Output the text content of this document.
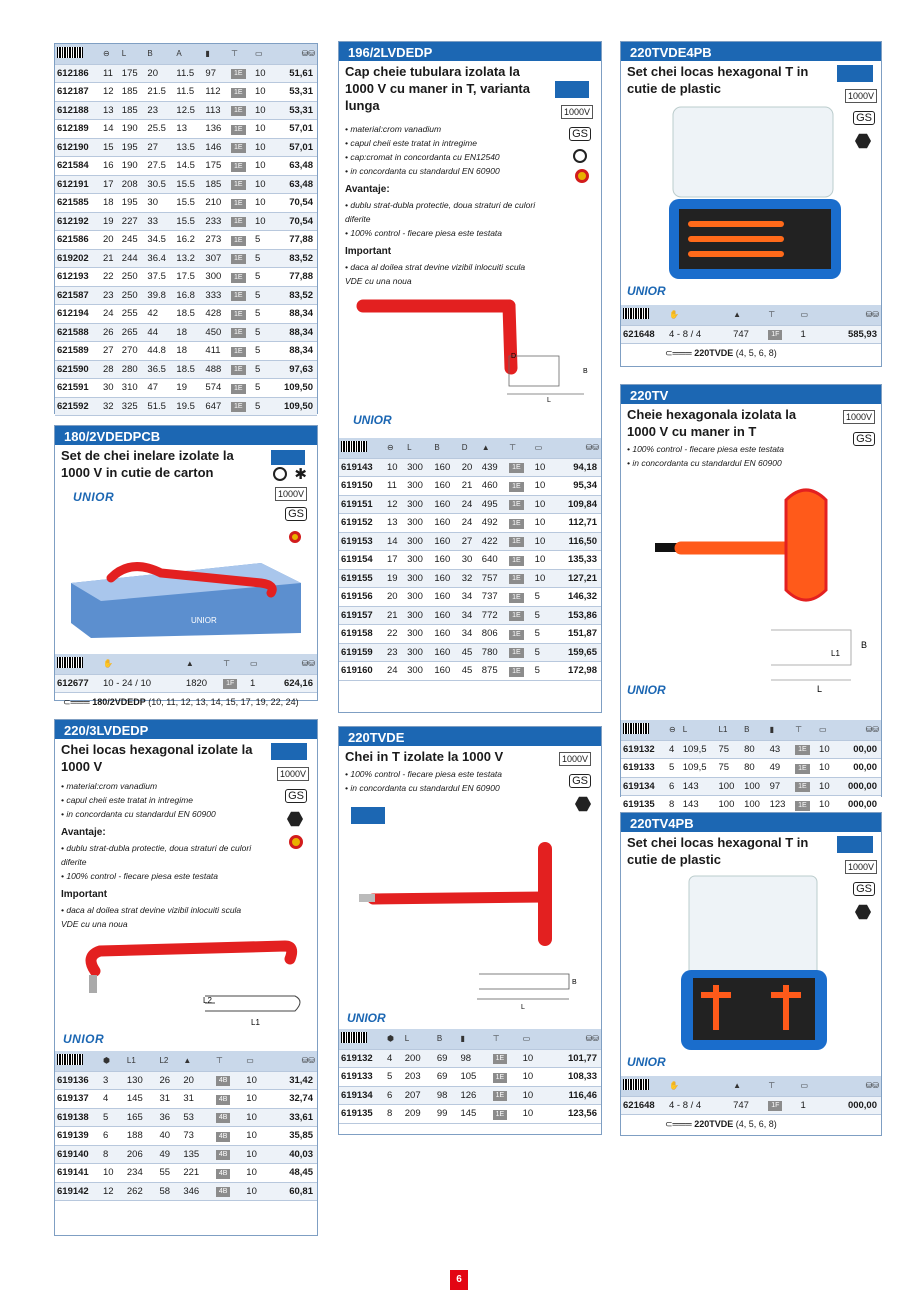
	⊖	L	B	A	▮	⊤	▭	⛁⛁
612186	11	175	20	11.5	97	1E	10	51,61
612187	12	185	21.5	11.5	112	1E	10	53,31
612188	13	185	23	12.5	113	1E	10	53,31
612189	14	190	25.5	13	136	1E	10	57,01
612190	15	195	27	13.5	146	1E	10	57,01
621584	16	190	27.5	14.5	175	1E	10	63,48
612191	17	208	30.5	15.5	185	1E	10	63,48
621585	18	195	30	15.5	210	1E	10	70,54
612192	19	227	33	15.5	233	1E	10	70,54
621586	20	245	34.5	16.2	273	1E	5	77,88
619202	21	244	36.4	13.2	307	1E	5	83,52
612193	22	250	37.5	17.5	300	1E	5	77,88
621587	23	250	39.8	16.8	333	1E	5	83,52
612194	24	255	42	18.5	428	1E	5	88,34
621588	26	265	44	18	450	1E	5	88,34
621589	27	270	44.8	18	411	1E	5	88,34
621590	28	280	36.5	18.5	488	1E	5	97,63
621591	30	310	47	19	574	1E	5	109,50
621592	32	325	51.5	19.5	647	1E	5	109,50
180/2VDEDPCB
Set de chei inelare izolate la 1000 V in cutie de carton	✱
1000V
GS
UNIOR
UNIOR
	✋		▲	⊤	▭	⛁⛁
612677	10 - 24 / 10		1820	1F	1	624,16
⊂═══ 180/2VDEDP (10, 11, 12, 13, 14, 15, 17, 19, 22, 24)
220/3LVDEDP
Chei locas hexagonal izolate la 1000 V	1000V
GS
• material:crom vanadium
• capul cheii este tratat in intregime
• in concordanta cu standardul EN 60900
Avantaje:
• dublu strat-dubla protectie, doua straturi de culori diferite
• 100% control - fiecare piesa este testata
Important
• daca al doilea strat devine vizibil inlocuiti scula VDE cu una noua
L2
L1
UNIOR
	⬢	L1	L2	▲	⊤	▭	⛁⛁
619136	3	130	26	20	4B	10	31,42
619137	4	145	31	31	4B	10	32,74
619138	5	165	36	53	4B	10	33,61
619139	6	188	40	73	4B	10	35,85
619140	8	206	49	135	4B	10	40,03
619141	10	234	55	221	4B	10	48,45
619142	12	262	58	346	4B	10	60,81
196/2LVDEDP
Cap cheie tubulara izolata la 1000 V cu maner in T, varianta lunga	1000V
GS
• material:crom vanadium
• capul cheii este tratat in intregime
• cap:cromat in concordanta cu EN12540
• in concordanta cu standardul EN 60900
Avantaje:
• dublu strat-dubla protectie, doua straturi de culori diferite
• 100% control - fiecare piesa este testata
Important
• daca al doilea strat devine vizibil inlocuiti scula VDE cu una noua
D
B
L
UNIOR
	⊖	L	B	D	▲	⊤	▭	⛁⛁
619143	10	300	160	20	439	1E	10	94,18
619150	11	300	160	21	460	1E	10	95,34
619151	12	300	160	24	495	1E	10	109,84
619152	13	300	160	24	492	1E	10	112,71
619153	14	300	160	27	422	1E	10	116,50
619154	17	300	160	30	640	1E	10	135,33
619155	19	300	160	32	757	1E	10	127,21
619156	20	300	160	34	737	1E	5	146,32
619157	21	300	160	34	772	1E	5	153,86
619158	22	300	160	34	806	1E	5	151,87
619159	23	300	160	45	780	1E	5	159,65
619160	24	300	160	45	875	1E	5	172,98
220TVDE
Chei in T izolate la 1000 V	1000V
GS
• 100% control - fiecare piesa este testata
• in concordanta cu standardul EN 60900
B
L
UNIOR
	⬢	L	B	▮	⊤	▭	⛁⛁
619132	4	200	69	98	1E	10	101,77
619133	5	203	69	105	1E	10	108,33
619134	6	207	98	126	1E	10	116,46
619135	8	209	99	145	1E	10	123,56
220TVDE4PB
Set chei locas hexagonal T in cutie de plastic	1000V
GS
UNIOR
	✋	▲	⊤	▭	⛁⛁
621648	4 - 8 / 4	747	1F	1	585,93
⊂═══ 220TVDE (4, 5, 6, 8)
220TV
Cheie hexagonala izolata la 1000 V cu maner in T
1000V
GS
• 100% control - fiecare piesa este testata
• in concordanta cu standardul EN 60900
B
L1
L
UNIOR
	⊖	L	L1	B	▮	⊤	▭	⛁⛁
619132	4	109,5	75	80	43	1E	10	00,00
619133	5	109,5	75	80	49	1E	10	00,00
619134	6	143	100	100	97	1E	10	000,00
619135	8	143	100	100	123	1E	10	000,00
220TV4PB
Set chei locas hexagonal T in cutie de plastic	1000V
GS
UNIOR
	✋	▲	⊤	▭	⛁⛁
621648	4 - 8 / 4	747	1F	1	000,00
⊂═══ 220TVDE (4, 5, 6, 8)
6
